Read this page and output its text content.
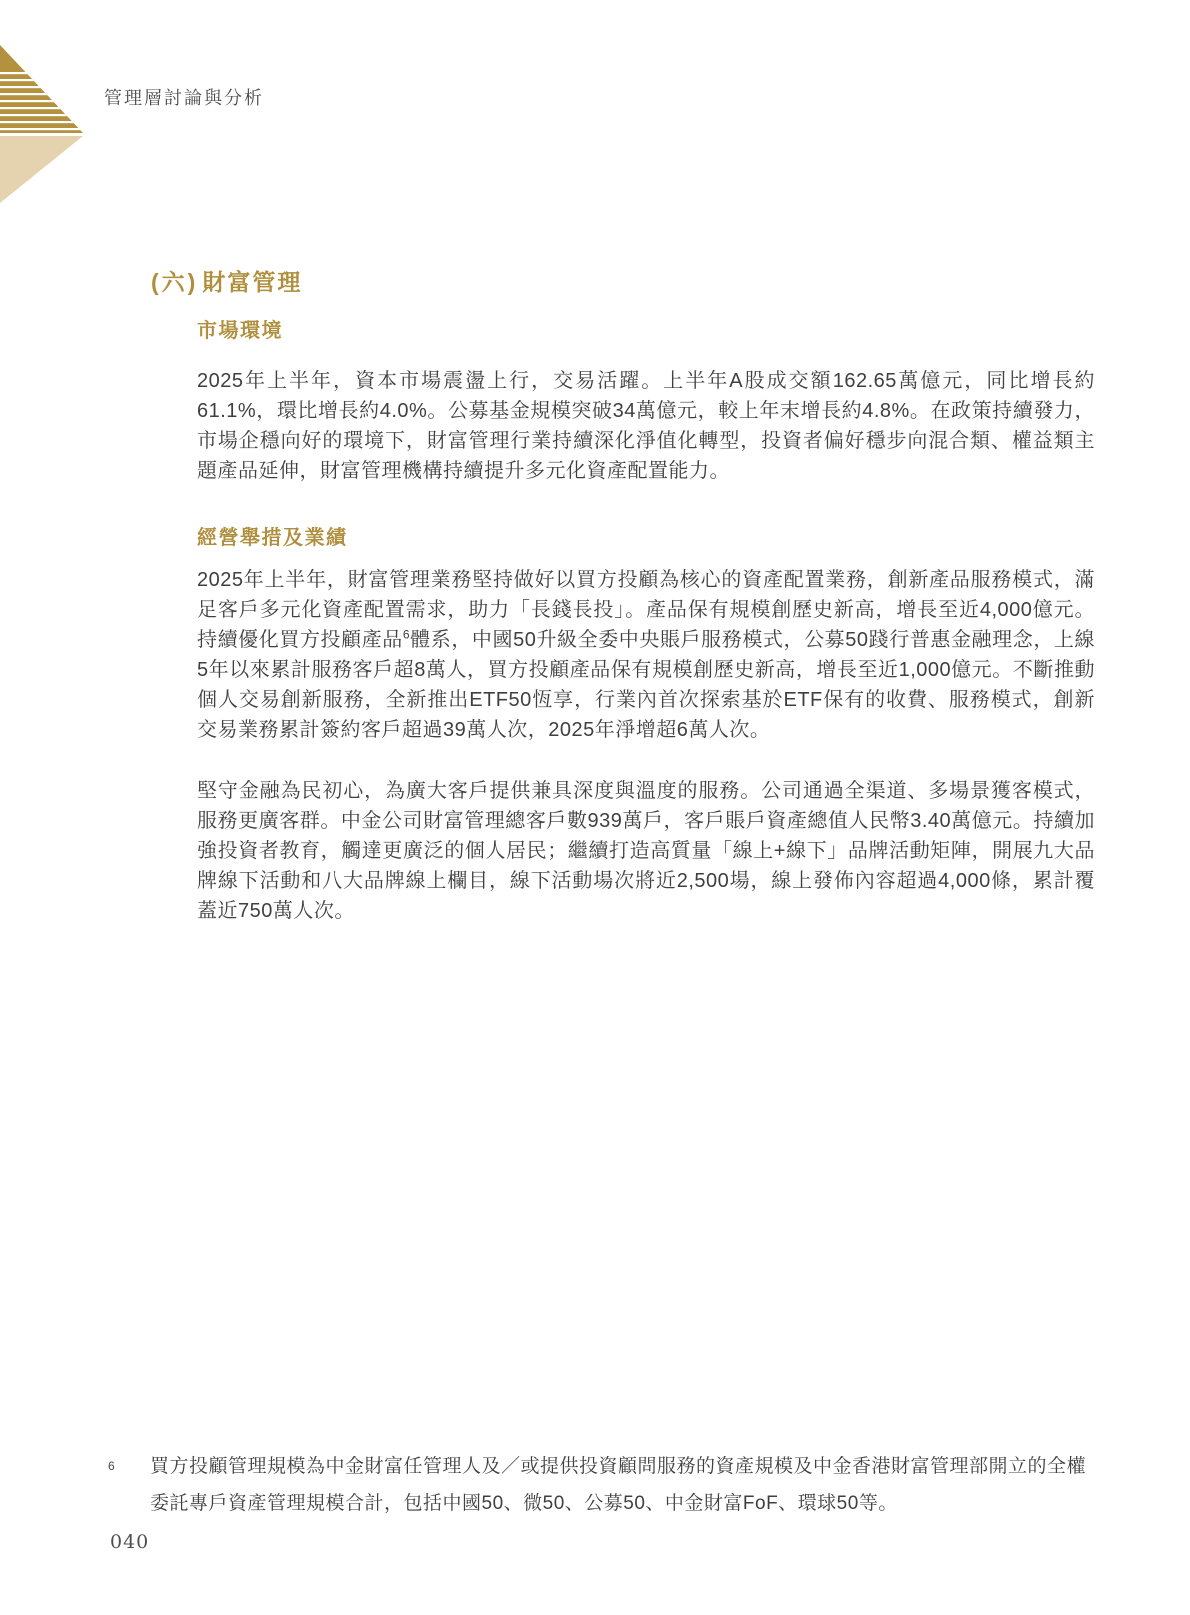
管理層討論與分析
(六) 財富管理
市場環境

2025年上半年，資本市場震盪上行，交易活躍。上半年A股成交額162.65萬億元，同比增長約61.1%，環比增長約4.0%。公募基金規模突破34萬億元，較上年末增長約4.8%。在政策持續發力，市場企穩向好的環境下，財富管理行業持續深化淨值化轉型，投資者偏好穩步向混合類、權益類主題產品延伸，財富管理機構持續提升多元化資產配置能力。

經營舉措及業績

2025年上半年，財富管理業務堅持做好以買方投顧為核心的資產配置業務，創新產品服務模式，滿足客戶多元化資產配置需求，助力「長錢長投」。產品保有規模創歷史新高，增長至近4,000億元。持續優化買方投顧產品$^6$體系，中國50升級全委中央賬戶服務模式，公募50踐行普惠金融理念，上線5年以來累計服務客戶超8萬人，買方投顧產品保有規模創歷史新高，增長至近1,000億元。不斷推動個人交易創新服務，全新推出ETF50恆享，行業內首次探索基於ETF保有的收費、服務模式，創新交易業務累計簽約客戶超過39萬人次，2025年淨增超6萬人次。

堅守金融為民初心，為廣大客戶提供兼具深度與溫度的服務。公司通過全渠道、多場景獲客模式，服務更廣客群。中金公司財富管理總客戶數939萬戶，客戶賬戶資產總值人民幣3.40萬億元。持續加強投資者教育，觸達更廣泛的個人居民；繼續打造高質量「線上+線下」品牌活動矩陣，開展九大品牌線下活動和八大品牌線上欄目，線下活動場次將近2,500場，線上發佈內容超過4,000條，累計覆蓋近750萬人次。

6 買方投顧管理規模為中金財富任管理人及／或提供投資顧問服務的資產規模及中金香港財富管理部開立的全權委託專戶資產管理規模合計，包括中國50、微50、公募50、中金財富FoF、環球50等。
040
